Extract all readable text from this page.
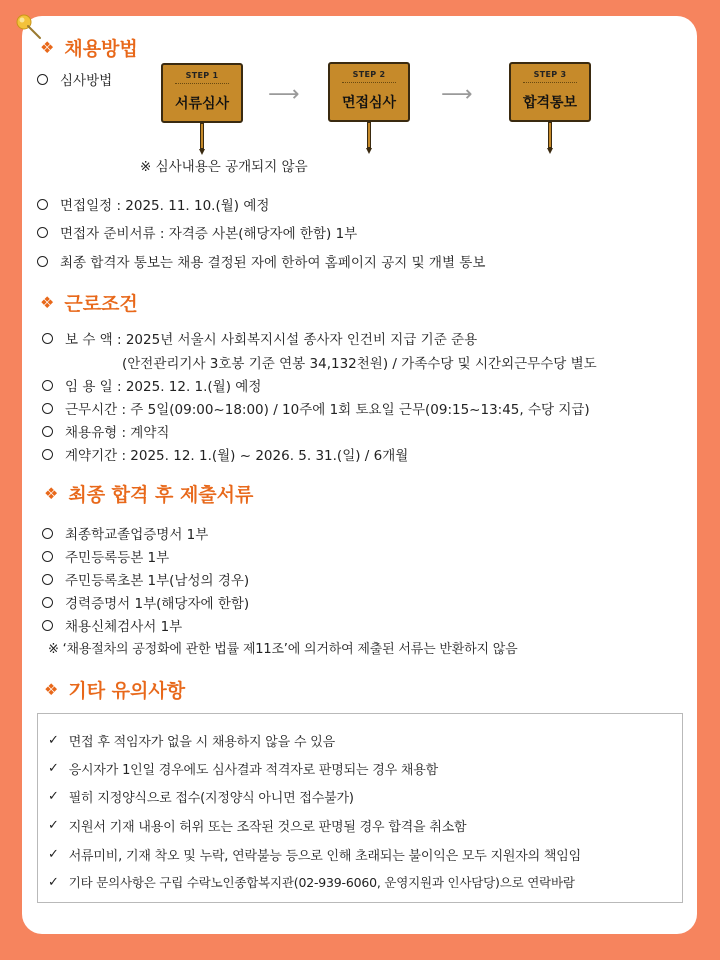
❖ 채용방법
심사방법	STEP 1
서류심사	⟶
STEP 2
면접심사	⟶
STEP 3
합격통보
※ 심사내용은 공개되지 않음
면접일정 : 2025. 11. 10.(월) 예정
면접자 준비서류 : 자격증 사본(해당자에 한함) 1부
최종 합격자 통보는 채용 결정된 자에 한하여 홈페이지 공지 및 개별 통보
❖ 근로조건
보 수 액 : 2025년 서울시 사회복지시설 종사자 인건비 지급 기준 준용
(안전관리기사 3호봉 기준 연봉 34,132천원) / 가족수당 및 시간외근무수당 별도
임 용 일 : 2025. 12. 1.(월) 예정
근무시간 : 주 5일(09:00~18:00) / 10주에 1회 토요일 근무(09:15~13:45, 수당 지급)
채용유형 : 계약직
계약기간 : 2025. 12. 1.(월) ~ 2026. 5. 31.(일) / 6개월
❖ 최종 합격 후 제출서류
최종학교졸업증명서 1부
주민등록등본 1부
주민등록초본 1부(남성의 경우)
경력증명서 1부(해당자에 한함)
채용신체검사서 1부
※ ‘채용절차의 공정화에 관한 법률 제11조’에 의거하여 제출된 서류는 반환하지 않음
❖ 기타 유의사항
✓ 면접 후 적임자가 없을 시 채용하지 않을 수 있음
✓ 응시자가 1인일 경우에도 심사결과 적격자로 판명되는 경우 채용함
✓ 필히 지정양식으로 접수(지정양식 아니면 접수불가)
✓ 지원서 기재 내용이 허위 또는 조작된 것으로 판명될 경우 합격을 취소함
✓ 서류미비, 기재 착오 및 누락, 연락불능 등으로 인해 초래되는 불이익은 모두 지원자의 책임임
✓ 기타 문의사항은 구립 수락노인종합복지관(02-939-6060, 운영지원과 인사담당)으로 연락바람
